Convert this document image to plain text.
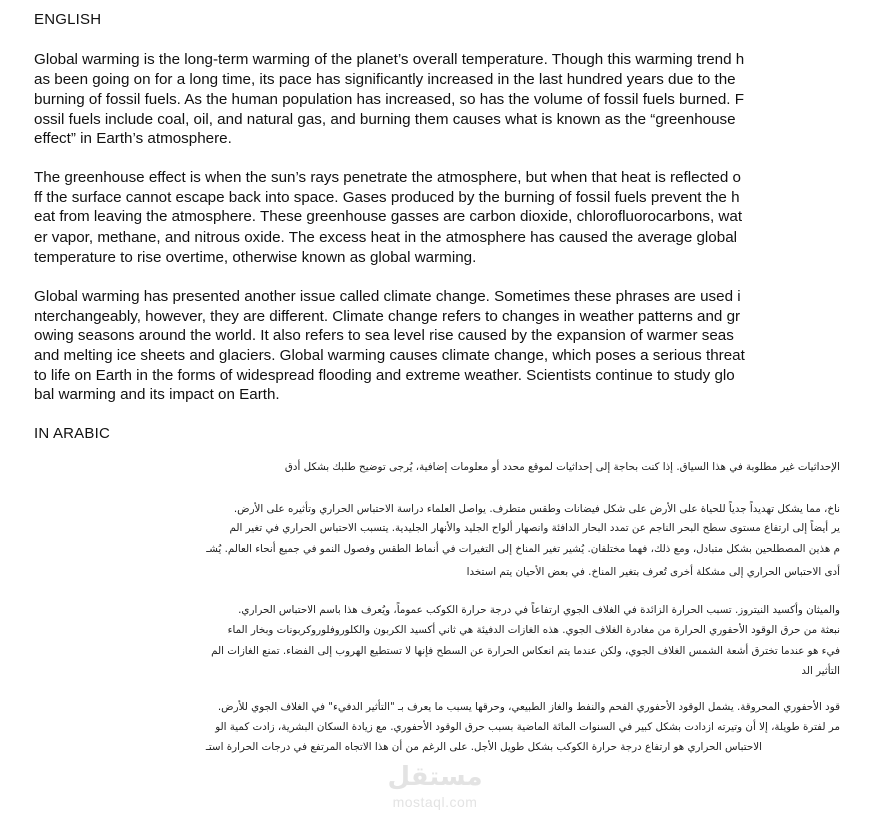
ENGLISH

Global warming is the long-term warming of the planet’s overall temperature. Though this warming trend h

as been going on for a long time, its pace has significantly increased in the last hundred years due to the

burning of fossil fuels. As the human population has increased, so has the volume of fossil fuels burned. F

ossil fuels include coal, oil, and natural gas, and burning them causes what is known as the “greenhouse

effect” in Earth’s atmosphere.

The greenhouse effect is when the sun’s rays penetrate the atmosphere, but when that heat is reflected o

ff the surface cannot escape back into space. Gases produced by the burning of fossil fuels prevent the h

eat from leaving the atmosphere. These greenhouse gasses are carbon dioxide, chlorofluorocarbons, wat

er vapor, methane, and nitrous oxide. The excess heat in the atmosphere has caused the average global

temperature to rise overtime, otherwise known as global warming.

Global warming has presented another issue called climate change. Sometimes these phrases are used i

nterchangeably, however, they are different. Climate change refers to changes in weather patterns and gr

owing seasons around the world. It also refers to sea level rise caused by the expansion of warmer seas

and melting ice sheets and glaciers. Global warming causes climate change, which poses a serious threat

to life on Earth in the forms of widespread flooding and extreme weather. Scientists continue to study glo

bal warming and its impact on Earth.

IN ARABIC

الإحداثيات غير مطلوبة في هذا السياق. إذا كنت بحاجة إلى إحداثيات لموقع محدد أو معلومات إضافية، يُرجى توضيح طلبك بشكل أدق

ناخ، مما يشكل تهديداً جدياً للحياة على الأرض على شكل فيضانات وطقس متطرف. يواصل العلماء دراسة الاحتباس الحراري وتأثيره على الأرض.

ير أيضاً إلى ارتفاع مستوى سطح البحر الناجم عن تمدد البحار الدافئة وانصهار ألواح الجليد والأنهار الجليدية. يتسبب الاحتباس الحراري في تغير الم

م هذين المصطلحين بشكل متبادل، ومع ذلك، فهما مختلفان. يُشير تغير المناخ إلى التغيرات في أنماط الطقس وفصول النمو في جميع أنحاء العالم. يُشـ

أدى الاحتباس الحراري إلى مشكلة أخرى تُعرف بتغير المناخ. في بعض الأحيان يتم استخدا

والميثان وأكسيد النيتروز. تسبب الحرارة الزائدة في الغلاف الجوي ارتفاعاً في درجة حرارة الكوكب عموماً، ويُعرف هذا باسم الاحتباس الحراري.

نبعثة من حرق الوقود الأحفوري الحرارة من مغادرة الغلاف الجوي. هذه الغازات الدفيئة هي ثاني أكسيد الكربون والكلوروفلوروكربونات وبخار الماء

فيء هو عندما تخترق أشعة الشمس الغلاف الجوي، ولكن عندما يتم انعكاس الحرارة عن السطح فإنها لا تستطيع الهروب إلى الفضاء. تمنع الغازات الم

التأثير الد

قود الأحفوري المحروقة. يشمل الوقود الأحفوري الفحم والنفط والغاز الطبيعي، وحرقها يسبب ما يعرف بـ "التأثير الدفيء" في الغلاف الجوي للأرض.

مر لفترة طويلة، إلا أن وتيرته ازدادت بشكل كبير في السنوات المائة الماضية بسبب حرق الوقود الأحفوري. مع زيادة السكان البشرية، زادت كمية الو

الاحتباس الحراري هو ارتفاع درجة حرارة الكوكب بشكل طويل الأجل. على الرغم من أن هذا الاتجاه المرتفع في درجات الحرارة استـ

مستقل
mostaql.com
